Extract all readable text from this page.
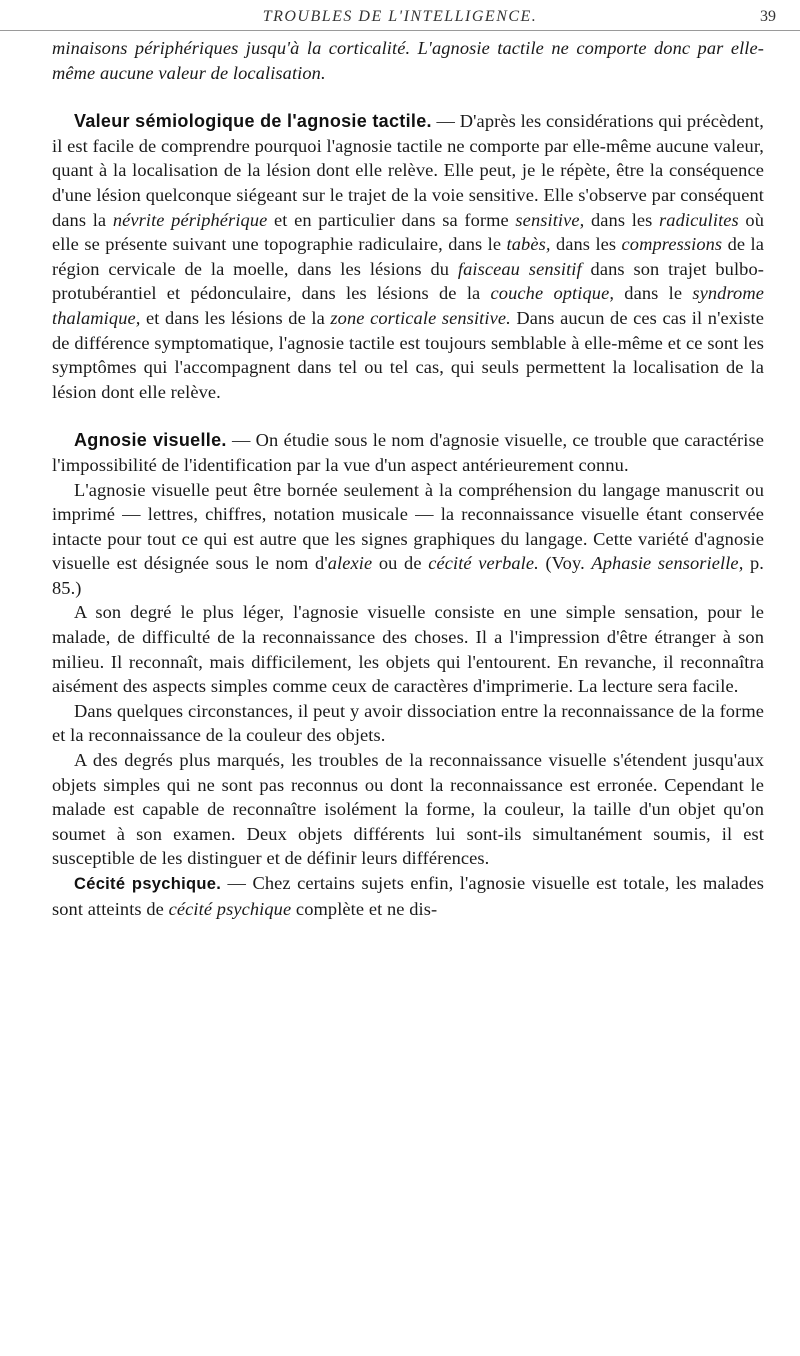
TROUBLES DE L'INTELLIGENCE.	39

minaisons périphériques jusqu'à la corticalité. L'agnosie tactile ne comporte donc par elle-même aucune valeur de localisation.

Valeur sémiologique de l'agnosie tactile. — D'après les considérations qui précèdent, il est facile de comprendre pourquoi l'agnosie tactile ne comporte par elle-même aucune valeur, quant à la localisation de la lésion dont elle relève. Elle peut, je le répète, être la conséquence d'une lésion quelconque siégeant sur le trajet de la voie sensitive. Elle s'observe par conséquent dans la névrite périphérique et en particulier dans sa forme sensitive, dans les radiculites où elle se présente suivant une topographie radiculaire, dans le tabès, dans les compressions de la région cervicale de la moelle, dans les lésions du faisceau sensitif dans son trajet bulbo-protubérantiel et pédonculaire, dans les lésions de la couche optique, dans le syndrome thalamique, et dans les lésions de la zone corticale sensitive. Dans aucun de ces cas il n'existe de différence symptomatique, l'agnosie tactile est toujours semblable à elle-même et ce sont les symptômes qui l'accompagnent dans tel ou tel cas, qui seuls permettent la localisation de la lésion dont elle relève.

Agnosie visuelle. — On étudie sous le nom d'agnosie visuelle, ce trouble que caractérise l'impossibilité de l'identification par la vue d'un aspect antérieurement connu.

L'agnosie visuelle peut être bornée seulement à la compréhension du langage manuscrit ou imprimé — lettres, chiffres, notation musicale — la reconnaissance visuelle étant conservée intacte pour tout ce qui est autre que les signes graphiques du langage. Cette variété d'agnosie visuelle est désignée sous le nom d'alexie ou de cécité verbale. (Voy. Aphasie sensorielle, p. 85.)

A son degré le plus léger, l'agnosie visuelle consiste en une simple sensation, pour le malade, de difficulté de la reconnaissance des choses. Il a l'impression d'être étranger à son milieu. Il reconnaît, mais difficilement, les objets qui l'entourent. En revanche, il reconnaîtra aisément des aspects simples comme ceux de caractères d'imprimerie. La lecture sera facile.

Dans quelques circonstances, il peut y avoir dissociation entre la reconnaissance de la forme et la reconnaissance de la couleur des objets.

A des degrés plus marqués, les troubles de la reconnaissance visuelle s'étendent jusqu'aux objets simples qui ne sont pas reconnus ou dont la reconnaissance est erronée. Cependant le malade est capable de reconnaître isolément la forme, la couleur, la taille d'un objet qu'on soumet à son examen. Deux objets différents lui sont-ils simultanément soumis, il est susceptible de les distinguer et de définir leurs différences.

Cécité psychique. — Chez certains sujets enfin, l'agnosie visuelle est totale, les malades sont atteints de cécité psychique complète et ne dis-
